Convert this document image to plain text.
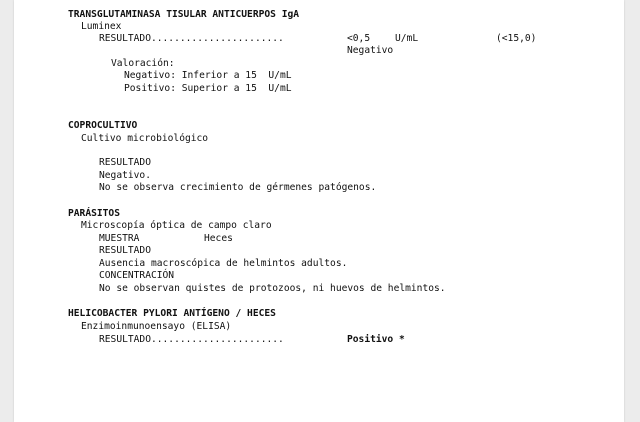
TRANSGLUTAMINASA TISULAR ANTICUERPOS IgA
Luminex
RESULTADO.......................	<0,5	U/mL	(<15,0)
Negativo
Valoración:
Negativo: Inferior a 15  U/mL
Positivo: Superior a 15  U/mL
COPROCULTIVO
Cultivo microbiológico
RESULTADO
Negativo.
No se observa crecimiento de gérmenes patógenos.
PARÁSITOS
Microscopía óptica de campo claro
MUESTRA	Heces
RESULTADO
Ausencia macroscópica de helmintos adultos.
CONCENTRACIÓN
No se observan quistes de protozoos, ni huevos de helmintos.
HELICOBACTER PYLORI ANTÍGENO / HECES
Enzimoinmunoensayo (ELISA)
RESULTADO.......................	Positivo *
